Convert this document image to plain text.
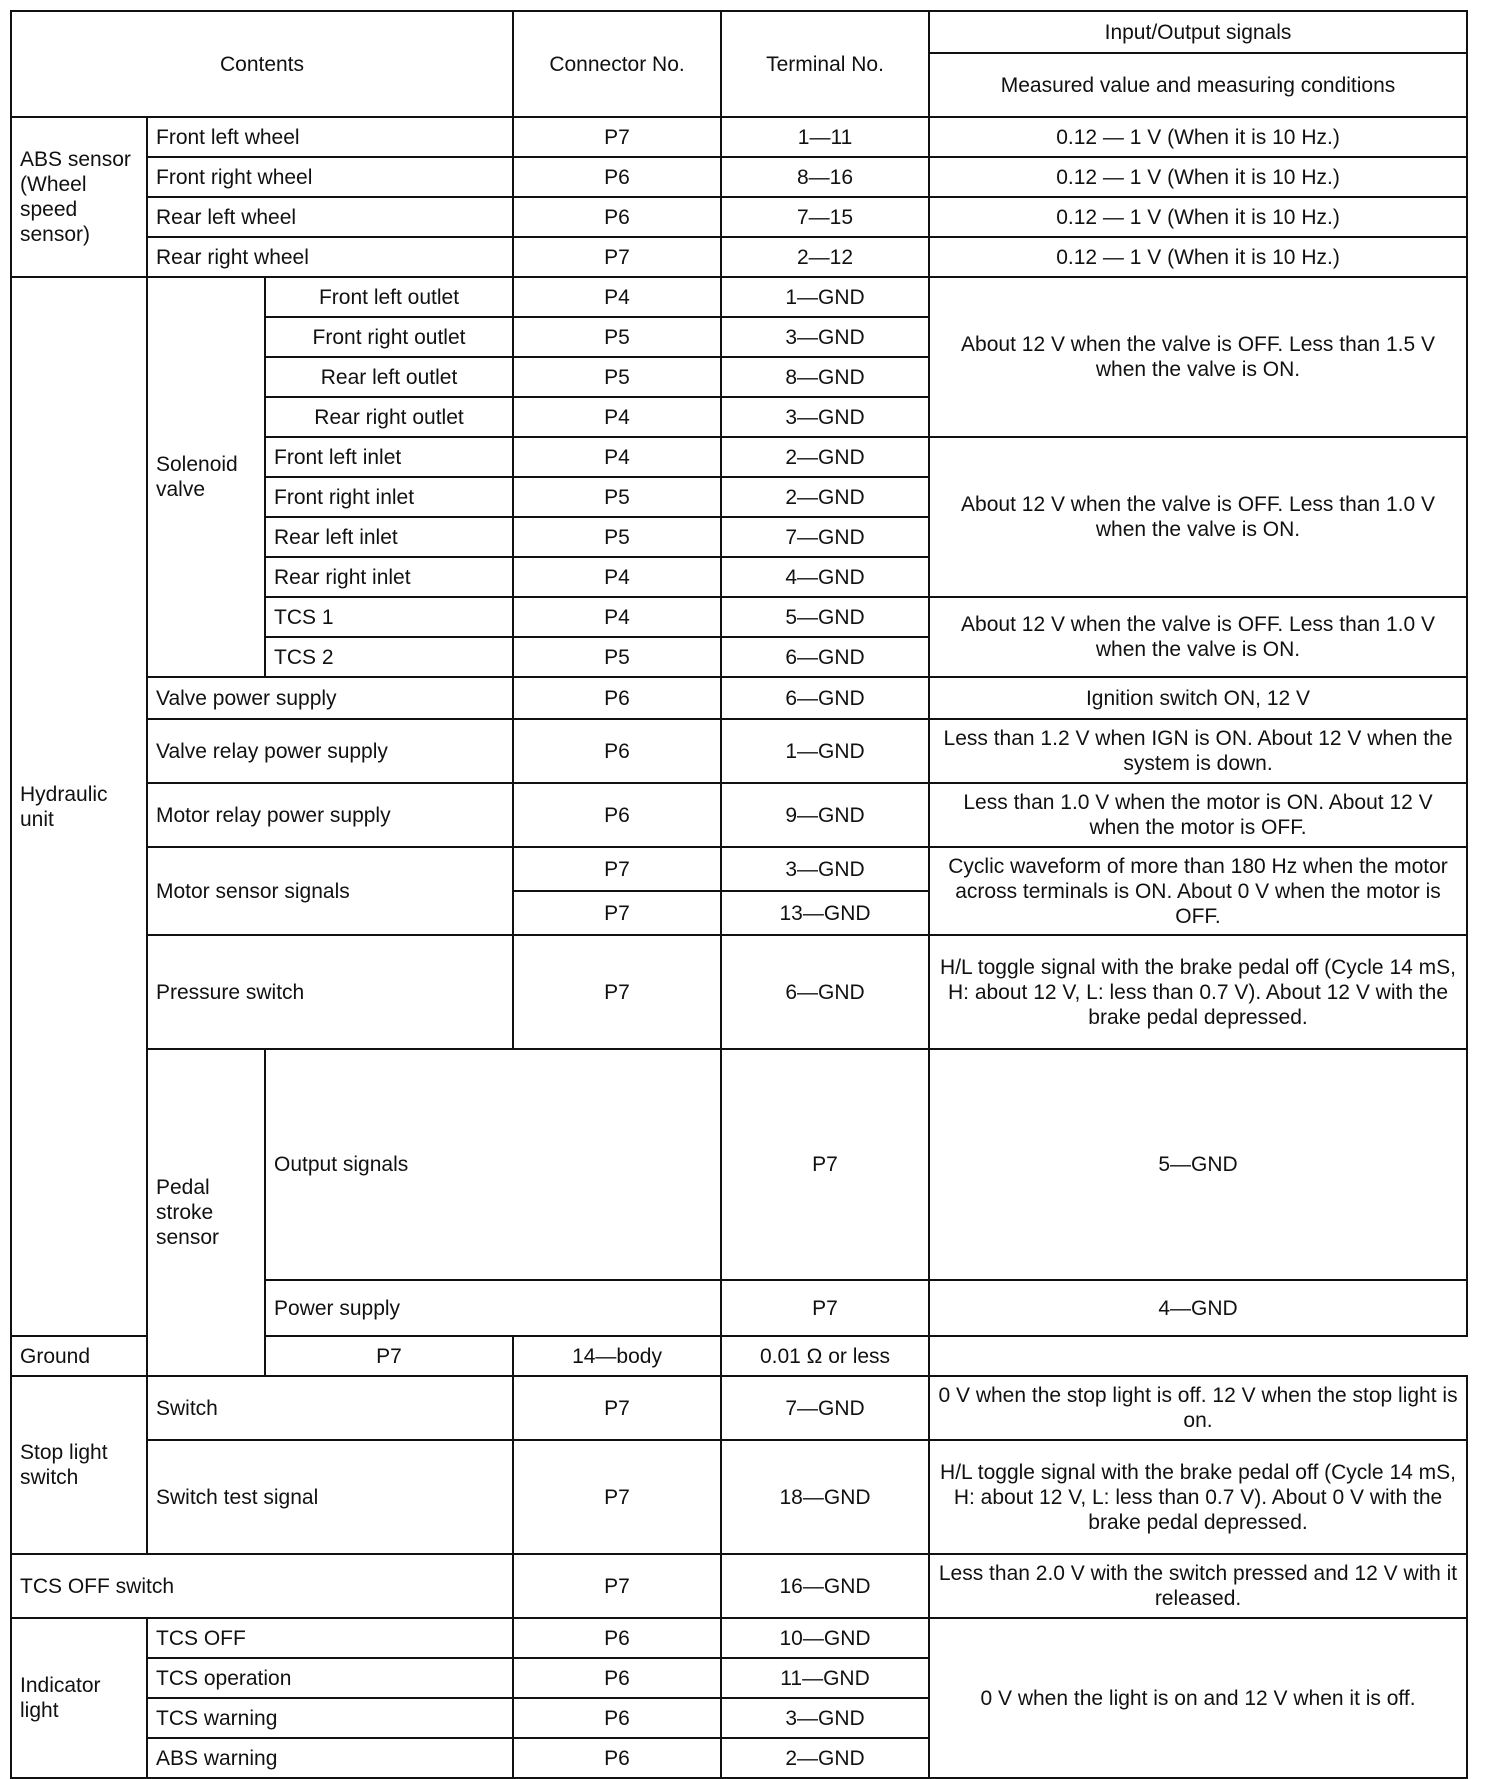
Contents			Connector No.	Terminal No.	Input/Output signals	
					Measured value and measuring conditions	
ABS sensor (Wheel speed sensor)	Front left wheel		P7	1—11	0.12 — 1 V (When it is 10 Hz.)	
	Front right wheel		P6	8—16	0.12 — 1 V (When it is 10 Hz.)	
	Rear left wheel		P6	7—15	0.12 — 1 V (When it is 10 Hz.)	
	Rear right wheel		P7	2—12	0.12 — 1 V (When it is 10 Hz.)	
Hydraulic unit	Solenoid valve	Front left outlet	P4	1—GND	About 12 V when the valve is OFF. Less than 1.5 V when the valve is ON.	
		Front right outlet	P5	3—GND		
		Rear left outlet	P5	8—GND		
		Rear right outlet	P4	3—GND		
		Front left inlet	P4	2—GND	About 12 V when the valve is OFF. Less than 1.0 V when the valve is ON.	
		Front right inlet	P5	2—GND		
		Rear left inlet	P5	7—GND		
		Rear right inlet	P4	4—GND		
		TCS 1	P4	5—GND	About 12 V when the valve is OFF. Less than 1.0 V when the valve is ON.	
		TCS 2	P5	6—GND		
	Valve power supply		P6	6—GND	Ignition switch ON, 12 V	
	Valve relay power supply		P6	1—GND	Less than 1.2 V when IGN is ON. About 12 V when the system is down.	
	Motor relay power supply		P6	9—GND	Less than 1.0 V when the motor is ON. About 12 V when the motor is OFF.	
	Motor sensor signals		P7	3—GND	Cyclic waveform of more than 180 Hz when the motor across terminals is ON. About 0 V when the motor is OFF.	
			P7	13—GND		
	Pressure switch		P7	6—GND	H/L toggle signal with the brake pedal off (Cycle 14 mS, H: about 12 V, L: less than 0.7 V). About 12 V with the brake pedal depressed.	
	Pedal stroke sensor	Output signals		P7	5—GND	
		Power supply		P7	4—GND	
Ground		P7	14—body	0.01 Ω or less		
Stop light switch	Switch		P7	7—GND	0 V when the stop light is off. 12 V when the stop light is on.	
	Switch test signal		P7	18—GND	H/L toggle signal with the brake pedal off (Cycle 14 mS, H: about 12 V, L: less than 0.7 V). About 0 V with the brake pedal depressed.	
TCS OFF switch			P7	16—GND	Less than 2.0 V with the switch pressed and 12 V with it released.	
Indicator light	TCS OFF		P6	10—GND	0 V when the light is on and 12 V when it is off.	
	TCS operation		P6	11—GND		
	TCS warning		P6	3—GND		
	ABS warning		P6	2—GND		
